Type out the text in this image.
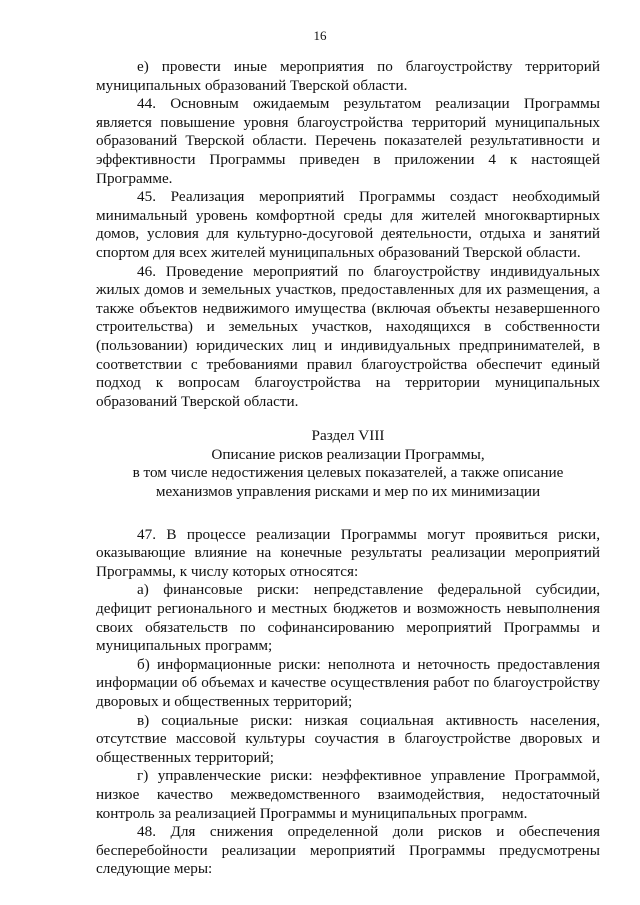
16

е) провести иные мероприятия по благоустройству территорий муниципальных образований Тверской области.

44. Основным ожидаемым результатом реализации Программы является повышение уровня благоустройства территорий муниципальных образований Тверской области. Перечень показателей результативности и эффективности Программы приведен в приложении 4 к настоящей Программе.

45. Реализация мероприятий Программы создаст необходимый минимальный уровень комфортной среды для жителей многоквартирных домов, условия для культурно-досуговой деятельности, отдыха и занятий спортом для всех жителей муниципальных образований Тверской области.

46. Проведение мероприятий по благоустройству индивидуальных жилых домов и земельных участков, предоставленных для их размещения, а также объектов недвижимого имущества (включая объекты незавершенного строительства) и земельных участков, находящихся в собственности (пользовании) юридических лиц и индивидуальных предпринимателей, в соответствии с требованиями правил благоустройства обеспечит единый подход к вопросам благоустройства на территории муниципальных образований Тверской области.

Раздел VIII
Описание рисков реализации Программы,
в том числе недостижения целевых показателей, а также описание
механизмов управления рисками и мер по их минимизации

47. В процессе реализации Программы могут проявиться риски, оказывающие влияние на конечные результаты реализации мероприятий Программы, к числу которых относятся:

а) финансовые риски: непредставление федеральной субсидии, дефицит регионального и местных бюджетов и возможность невыполнения своих обязательств по софинансированию мероприятий Программы и муниципальных программ;

б) информационные риски: неполнота и неточность предоставления информации об объемах и качестве осуществления работ по благоустройству дворовых и общественных территорий;

в) социальные риски: низкая социальная активность населения, отсутствие массовой культуры соучастия в благоустройстве дворовых и общественных территорий;

г) управленческие риски: неэффективное управление Программой, низкое качество межведомственного взаимодействия, недостаточный контроль за реализацией Программы и муниципальных программ.

48. Для снижения определенной доли рисков и обеспечения бесперебойности реализации мероприятий Программы предусмотрены следующие меры:
